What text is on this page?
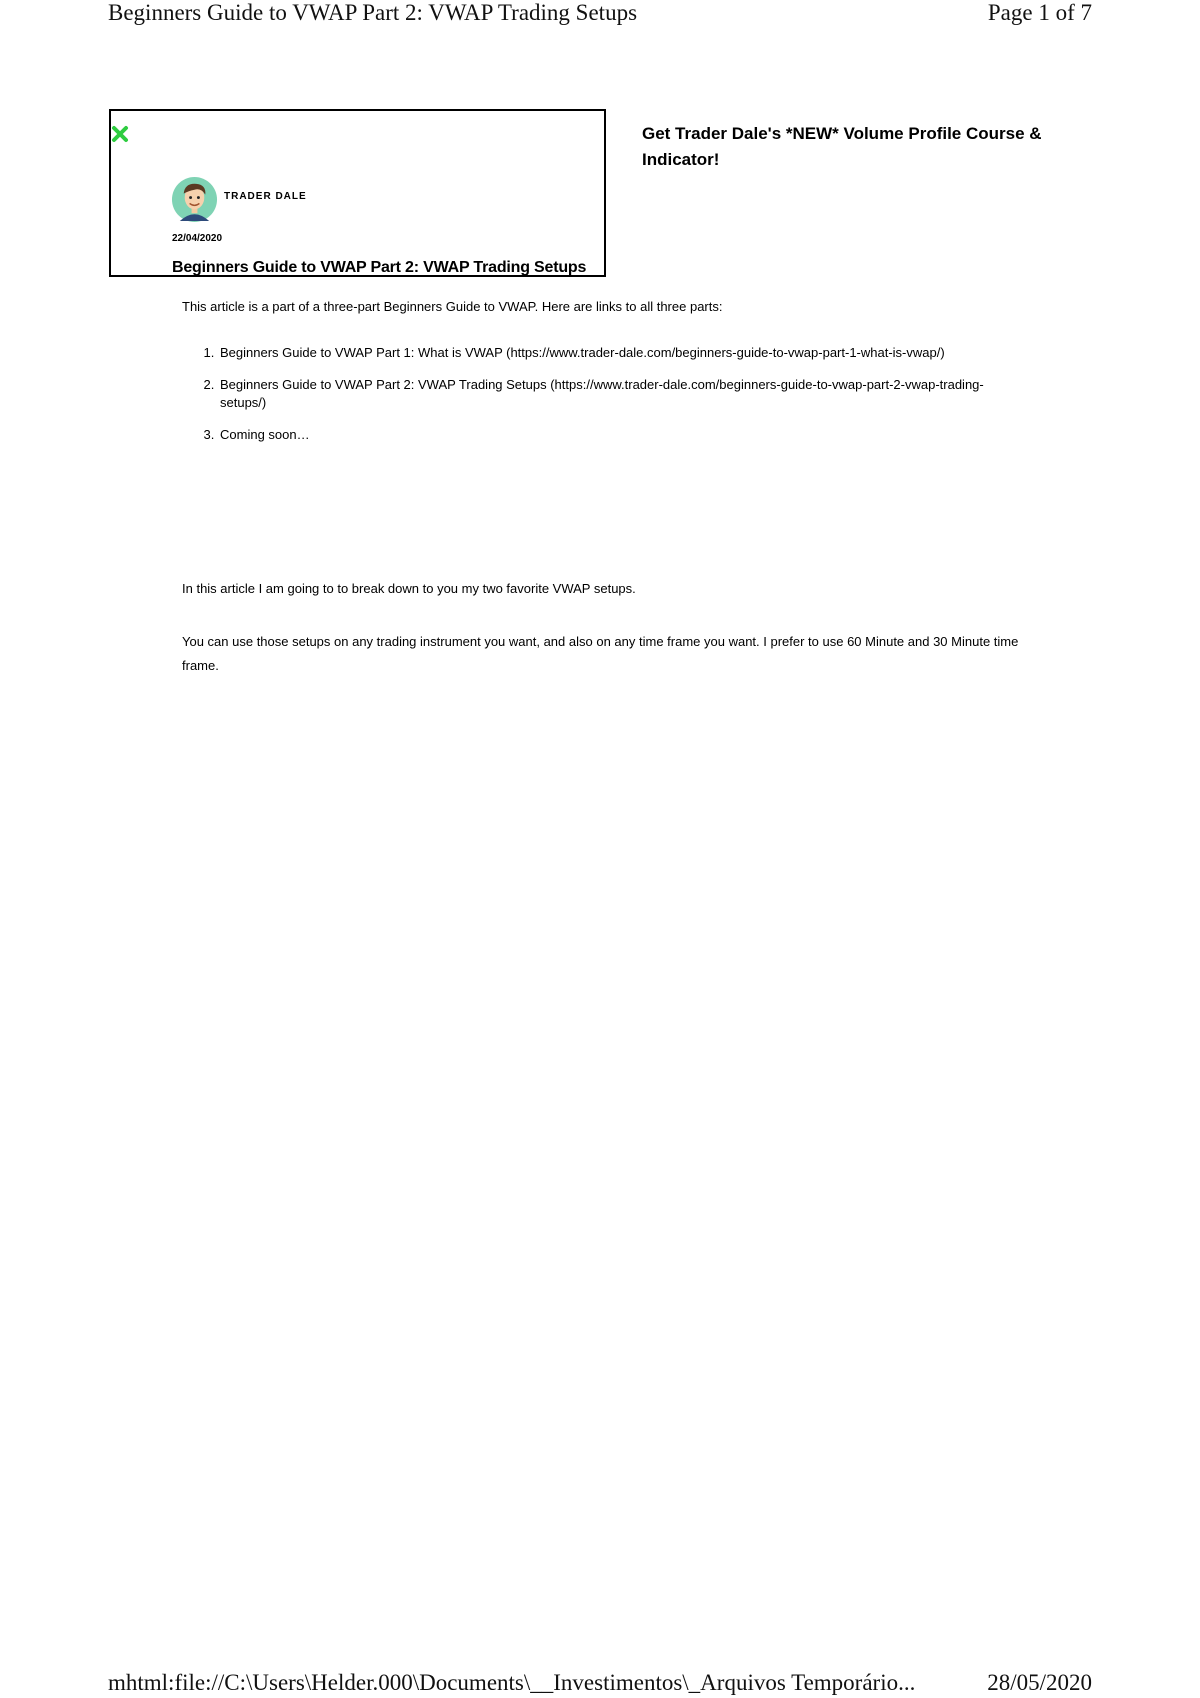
Beginners Guide to VWAP Part 2: VWAP Trading Setups	Page 1 of 7
TRADER DALE
22/04/2020
Beginners Guide to VWAP Part 2: VWAP Trading Setups
Get Trader Dale's *NEW* Volume Profile Course & Indicator!

This article is a part of a three-part Beginners Guide to VWAP. Here are links to all three parts:

1. Beginners Guide to VWAP Part 1: What is VWAP (https://www.trader-dale.com/beginners-guide-to-vwap-part-1-what-is-vwap/)
2. Beginners Guide to VWAP Part 2: VWAP Trading Setups (https://www.trader-dale.com/beginners-guide-to-vwap-part-2-vwap-trading-setups/)
3. Coming soon…

In this article I am going to to break down to you my two favorite VWAP setups.

You can use those setups on any trading instrument you want, and also on any time frame you want. I prefer to use 60 Minute and 30 Minute time frame.

mhtml:file://C:\Users\Helder.000\Documents\__Investimentos\_Arquivos Temporário...	28/05/2020
